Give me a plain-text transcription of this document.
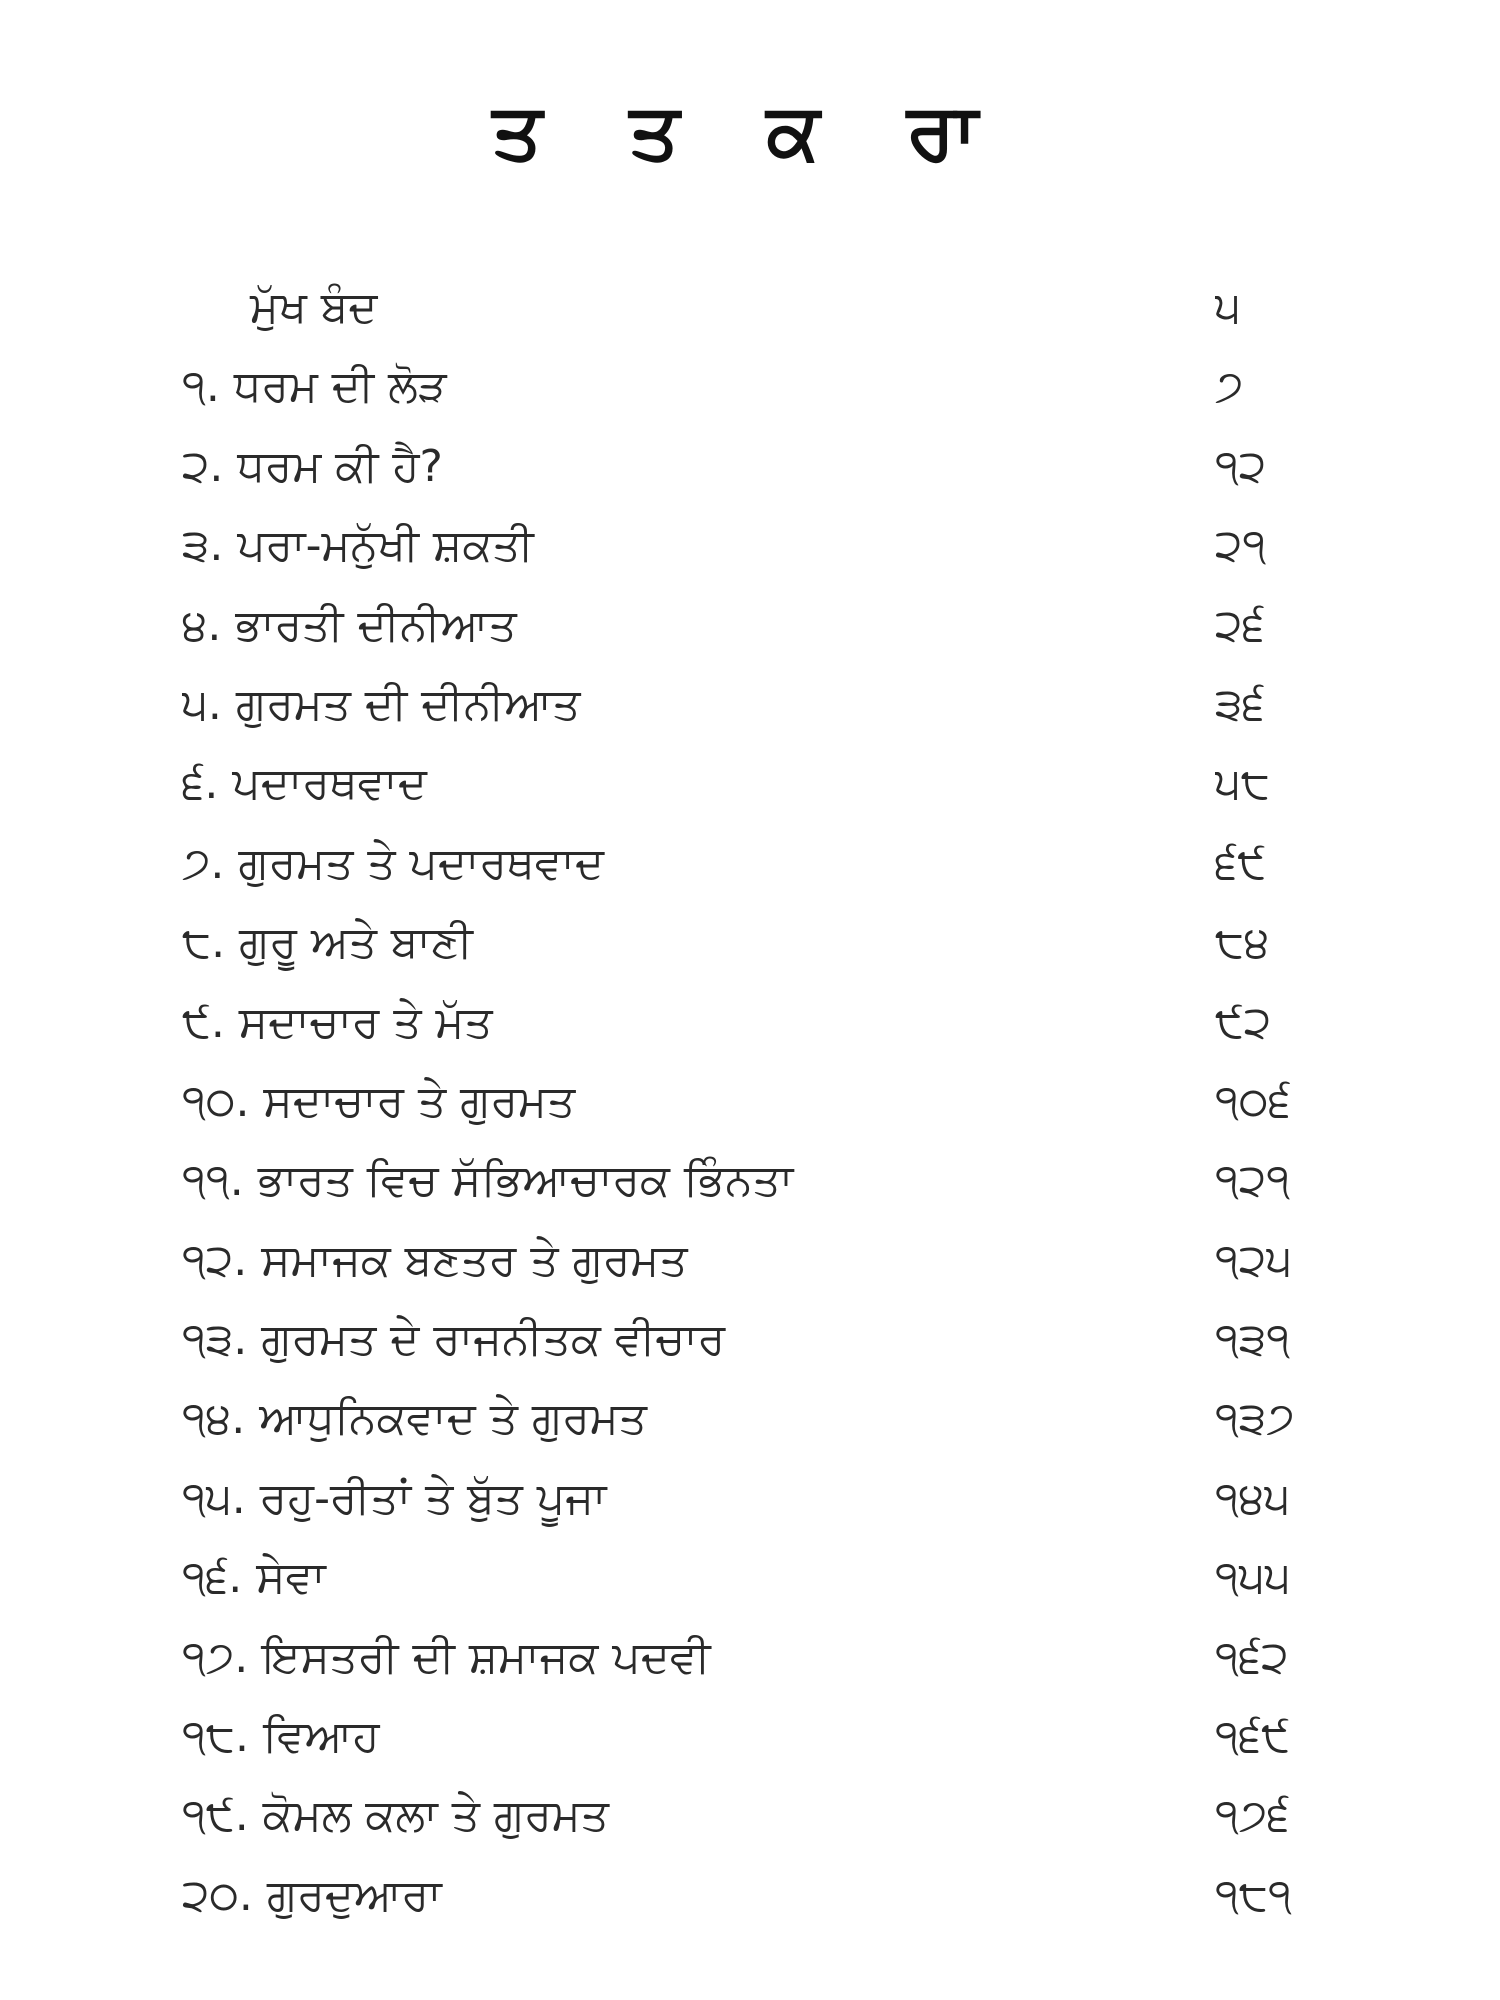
ਤ ਤ ਕ ਰਾ
ਮੁੱਖ ਬੰਦ	੫
੧. ਧਰਮ ਦੀ ਲੋੜ	੭
੨. ਧਰਮ ਕੀ ਹੈ?	੧੨
੩. ਪਰਾ-ਮਨੁੱਖੀ ਸ਼ਕਤੀ	੨੧
੪. ਭਾਰਤੀ ਦੀਨੀਆਤ	੨੬
੫. ਗੁਰਮਤ ਦੀ ਦੀਨੀਆਤ	੩੬
੬. ਪਦਾਰਥਵਾਦ	੫੮
੭. ਗੁਰਮਤ ਤੇ ਪਦਾਰਥਵਾਦ	੬੯
੮. ਗੁਰੂ ਅਤੇ ਬਾਣੀ	੮੪
੯. ਸਦਾਚਾਰ ਤੇ ਮੱਤ	੯੨
੧੦. ਸਦਾਚਾਰ ਤੇ ਗੁਰਮਤ	੧੦੬
੧੧. ਭਾਰਤ ਵਿਚ ਸੱਭਿਆਚਾਰਕ ਭਿੰਨਤਾ	੧੨੧
੧੨. ਸਮਾਜਕ ਬਣਤਰ ਤੇ ਗੁਰਮਤ	੧੨੫
੧੩. ਗੁਰਮਤ ਦੇ ਰਾਜਨੀਤਕ ਵੀਚਾਰ	੧੩੧
੧੪. ਆਧੁਨਿਕਵਾਦ ਤੇ ਗੁਰਮਤ	੧੩੭
੧੫. ਰਹੁ-ਰੀਤਾਂ ਤੇ ਬੁੱਤ ਪੂਜਾ	੧੪੫
੧੬. ਸੇਵਾ	੧੫੫
੧੭. ਇਸਤਰੀ ਦੀ ਸ਼ਮਾਜਕ ਪਦਵੀ	੧੬੨
੧੮. ਵਿਆਹ	੧੬੯
੧੯. ਕੋਮਲ ਕਲਾ ਤੇ ਗੁਰਮਤ	੧੭੬
੨੦. ਗੁਰਦੁਆਰਾ	੧੮੧
